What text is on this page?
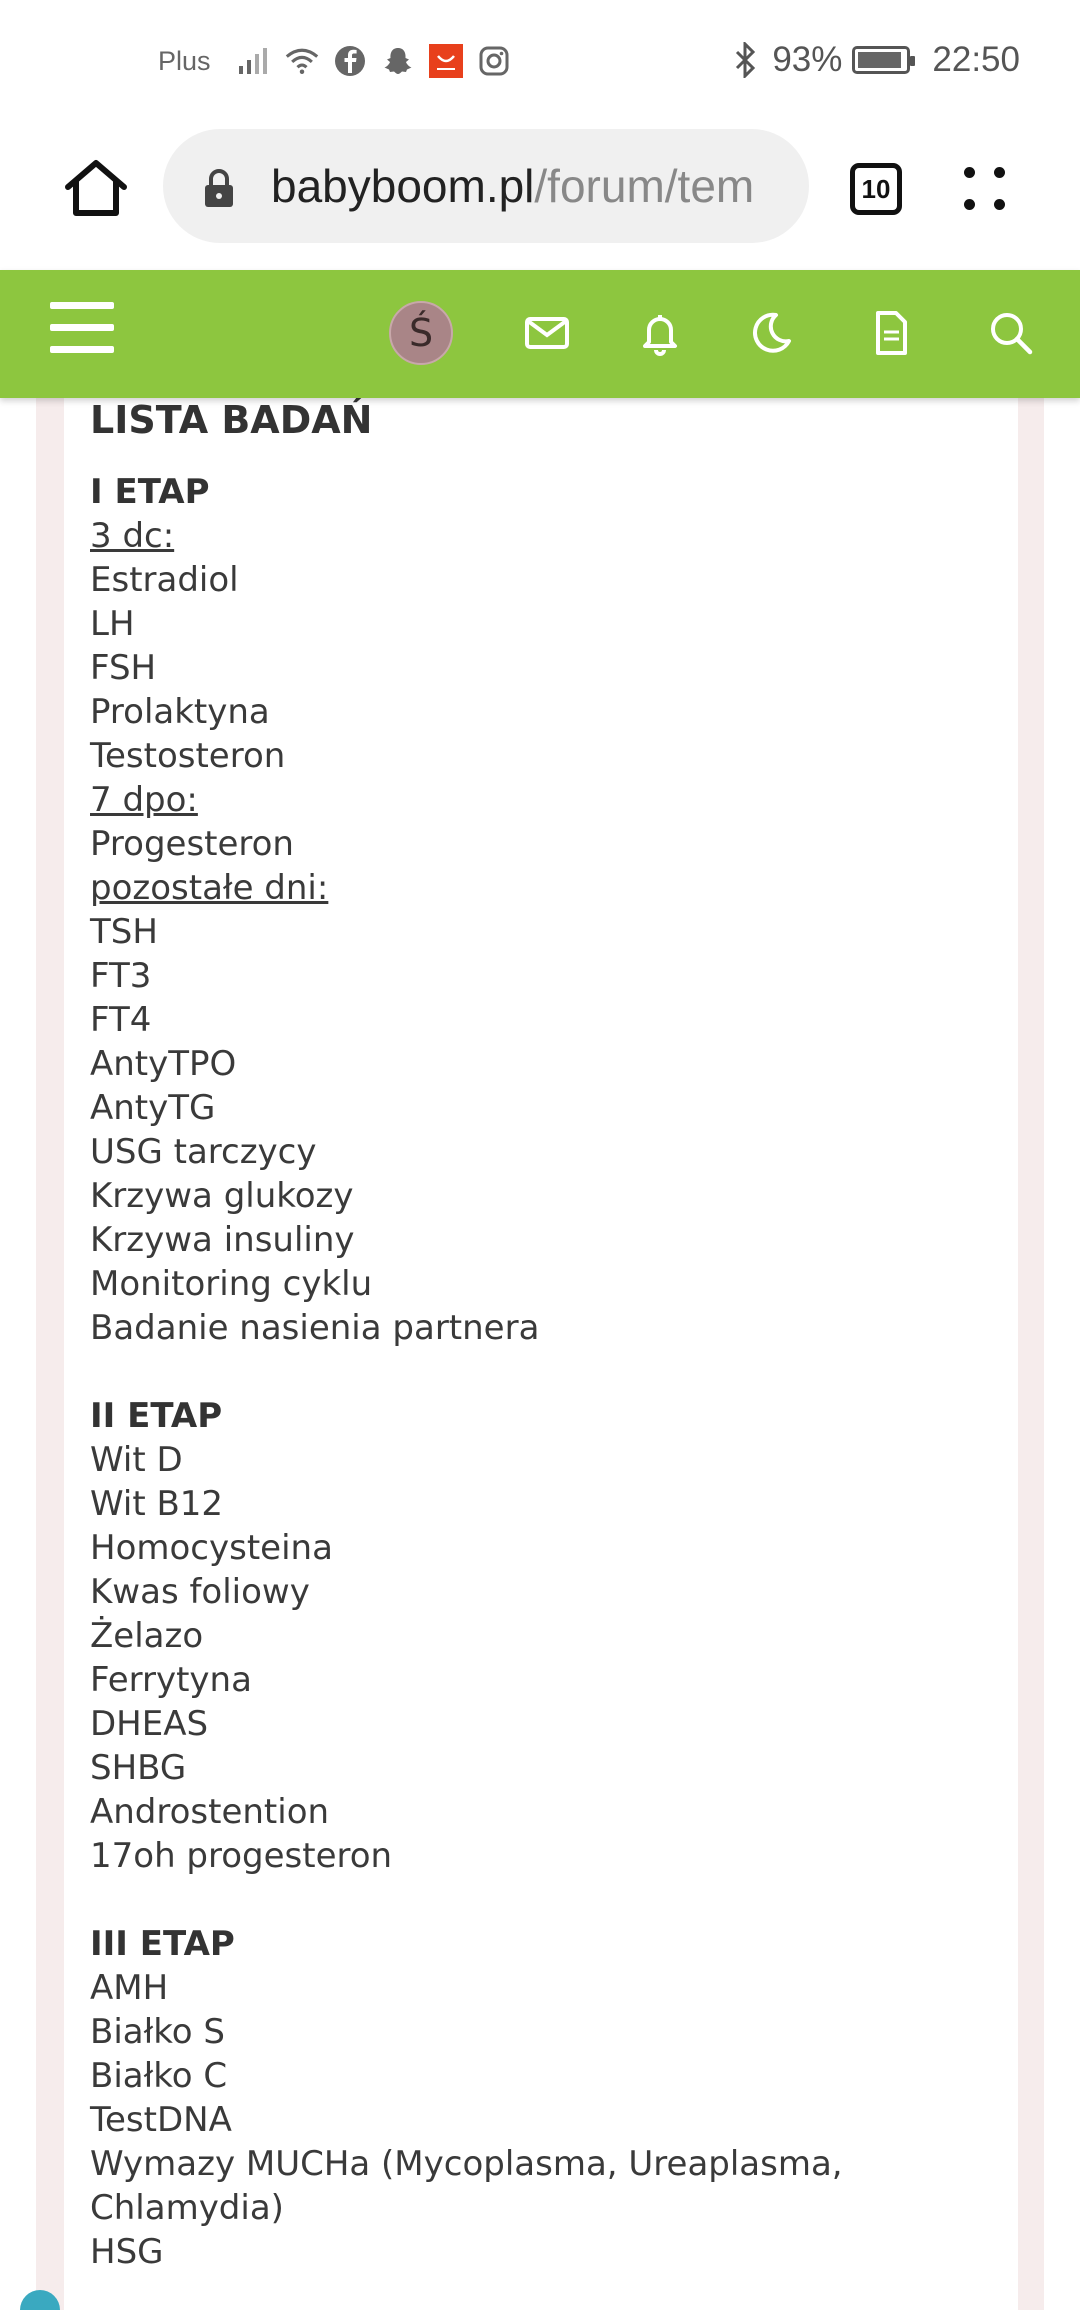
Plus	93%	22:50
babyboom.pl/forum/tem	10
Ś
LISTA BADAŃ
I ETAP
3 dc:
Estradiol
LH
FSH
Prolaktyna
Testosteron
7 dpo:
Progesteron
pozostałe dni:
TSH
FT3
FT4
AntyTPO
AntyTG
USG tarczycy
Krzywa glukozy
Krzywa insuliny
Monitoring cyklu
Badanie nasienia partnera
II ETAP
Wit D
Wit B12
Homocysteina
Kwas foliowy
Żelazo
Ferrytyna
DHEAS
SHBG
Androstention
17oh progesteron
III ETAP
AMH
Białko S
Białko C
TestDNA
Wymazy MUCHa (Mycoplasma, Ureaplasma,
Chlamydia)
HSG
